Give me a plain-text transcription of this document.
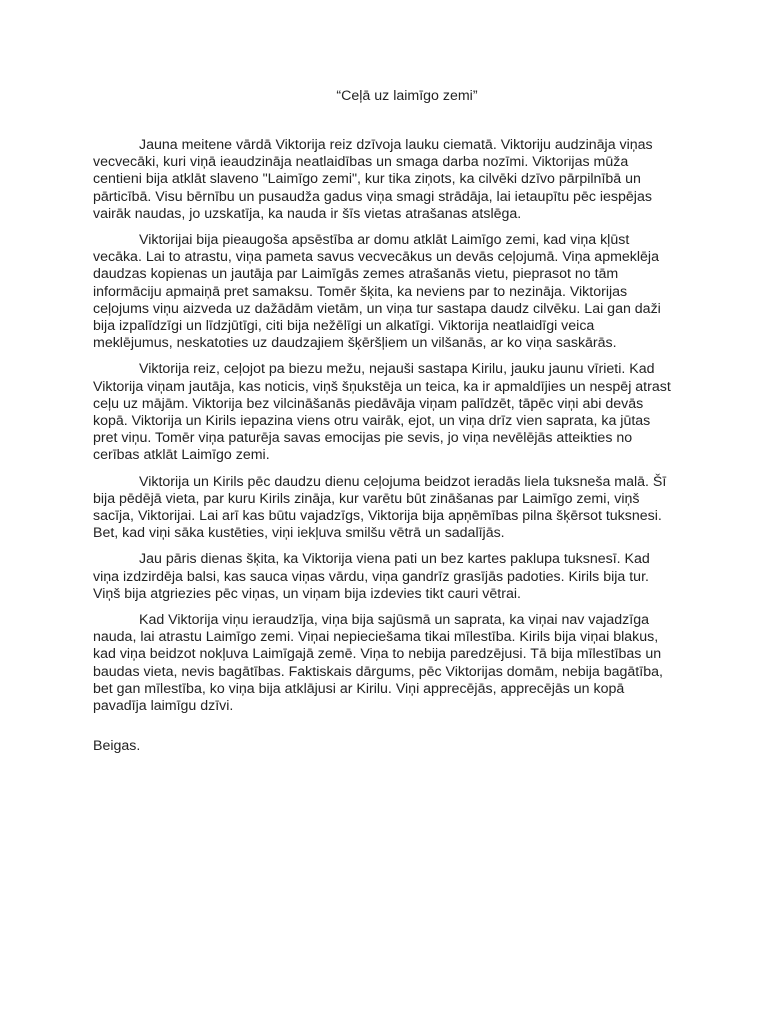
“Ceļā uz laimīgo zemi”

Jauna meitene vārdā Viktorija reiz dzīvoja lauku ciematā. Viktoriju audzināja viņas vecvecāki, kuri viņā ieaudzināja neatlaidības un smaga darba nozīmi. Viktorijas mūža centieni bija atklāt slaveno "Laimīgo zemi", kur tika ziņots, ka cilvēki dzīvo pārpilnībā un pārticībā. Visu bērnību un pusaudža gadus viņa smagi strādāja, lai ietaupītu pēc iespējas vairāk naudas, jo uzskatīja, ka nauda ir šīs vietas atrašanas atslēga.

Viktorijai bija pieaugoša apsēstība ar domu atklāt Laimīgo zemi, kad viņa kļūst vecāka. Lai to atrastu, viņa pameta savus vecvecākus un devās ceļojumā. Viņa apmeklēja daudzas kopienas un jautāja par Laimīgās zemes atrašanās vietu, pieprasot no tām informāciju apmaiņā pret samaksu. Tomēr šķita, ka neviens par to nezināja. Viktorijas ceļojums viņu aizveda uz dažādām vietām, un viņa tur sastapa daudz cilvēku. Lai gan daži bija izpalīdzīgi un līdzjūtīgi, citi bija nežēlīgi un alkatīgi. Viktorija neatlaidīgi veica meklējumus, neskatoties uz daudzajiem šķēršļiem un vilšanās, ar ko viņa saskārās.

Viktorija reiz, ceļojot pa biezu mežu, nejauši sastapa Kirilu, jauku jaunu vīrieti. Kad Viktorija viņam jautāja, kas noticis, viņš šņukstēja un teica, ka ir apmaldījies un nespēj atrast ceļu uz mājām. Viktorija bez vilcināšanās piedāvāja viņam palīdzēt, tāpēc viņi abi devās kopā. Viktorija un Kirils iepazina viens otru vairāk, ejot, un viņa drīz vien saprata, ka jūtas pret viņu. Tomēr viņa paturēja savas emocijas pie sevis, jo viņa nevēlējās atteikties no cerības atklāt Laimīgo zemi.

Viktorija un Kirils pēc daudzu dienu ceļojuma beidzot ieradās liela tuksneša malā. Šī bija pēdējā vieta, par kuru Kirils zināja, kur varētu būt zināšanas par Laimīgo zemi, viņš sacīja, Viktorijai. Lai arī kas būtu vajadzīgs, Viktorija bija apņēmības pilna šķērsot tuksnesi. Bet, kad viņi sāka kustēties, viņi iekļuva smilšu vētrā un sadalījās.

Jau pāris dienas šķita, ka Viktorija viena pati un bez kartes paklupa tuksnesī. Kad viņa izdzirdēja balsi, kas sauca viņas vārdu, viņa gandrīz grasījās padoties. Kirils bija tur. Viņš bija atgriezies pēc viņas, un viņam bija izdevies tikt cauri vētrai.

Kad Viktorija viņu ieraudzīja, viņa bija sajūsmā un saprata, ka viņai nav vajadzīga nauda, lai atrastu Laimīgo zemi. Viņai nepieciešama tikai mīlestība. Kirils bija viņai blakus, kad viņa beidzot nokļuva Laimīgajā zemē. Viņa to nebija paredzējusi. Tā bija mīlestības un baudas vieta, nevis bagātības. Faktiskais dārgums, pēc Viktorijas domām, nebija bagātība, bet gan mīlestība, ko viņa bija atklājusi ar Kirilu. Viņi apprecējās, apprecējās un kopā pavadīja laimīgu dzīvi.

Beigas.
